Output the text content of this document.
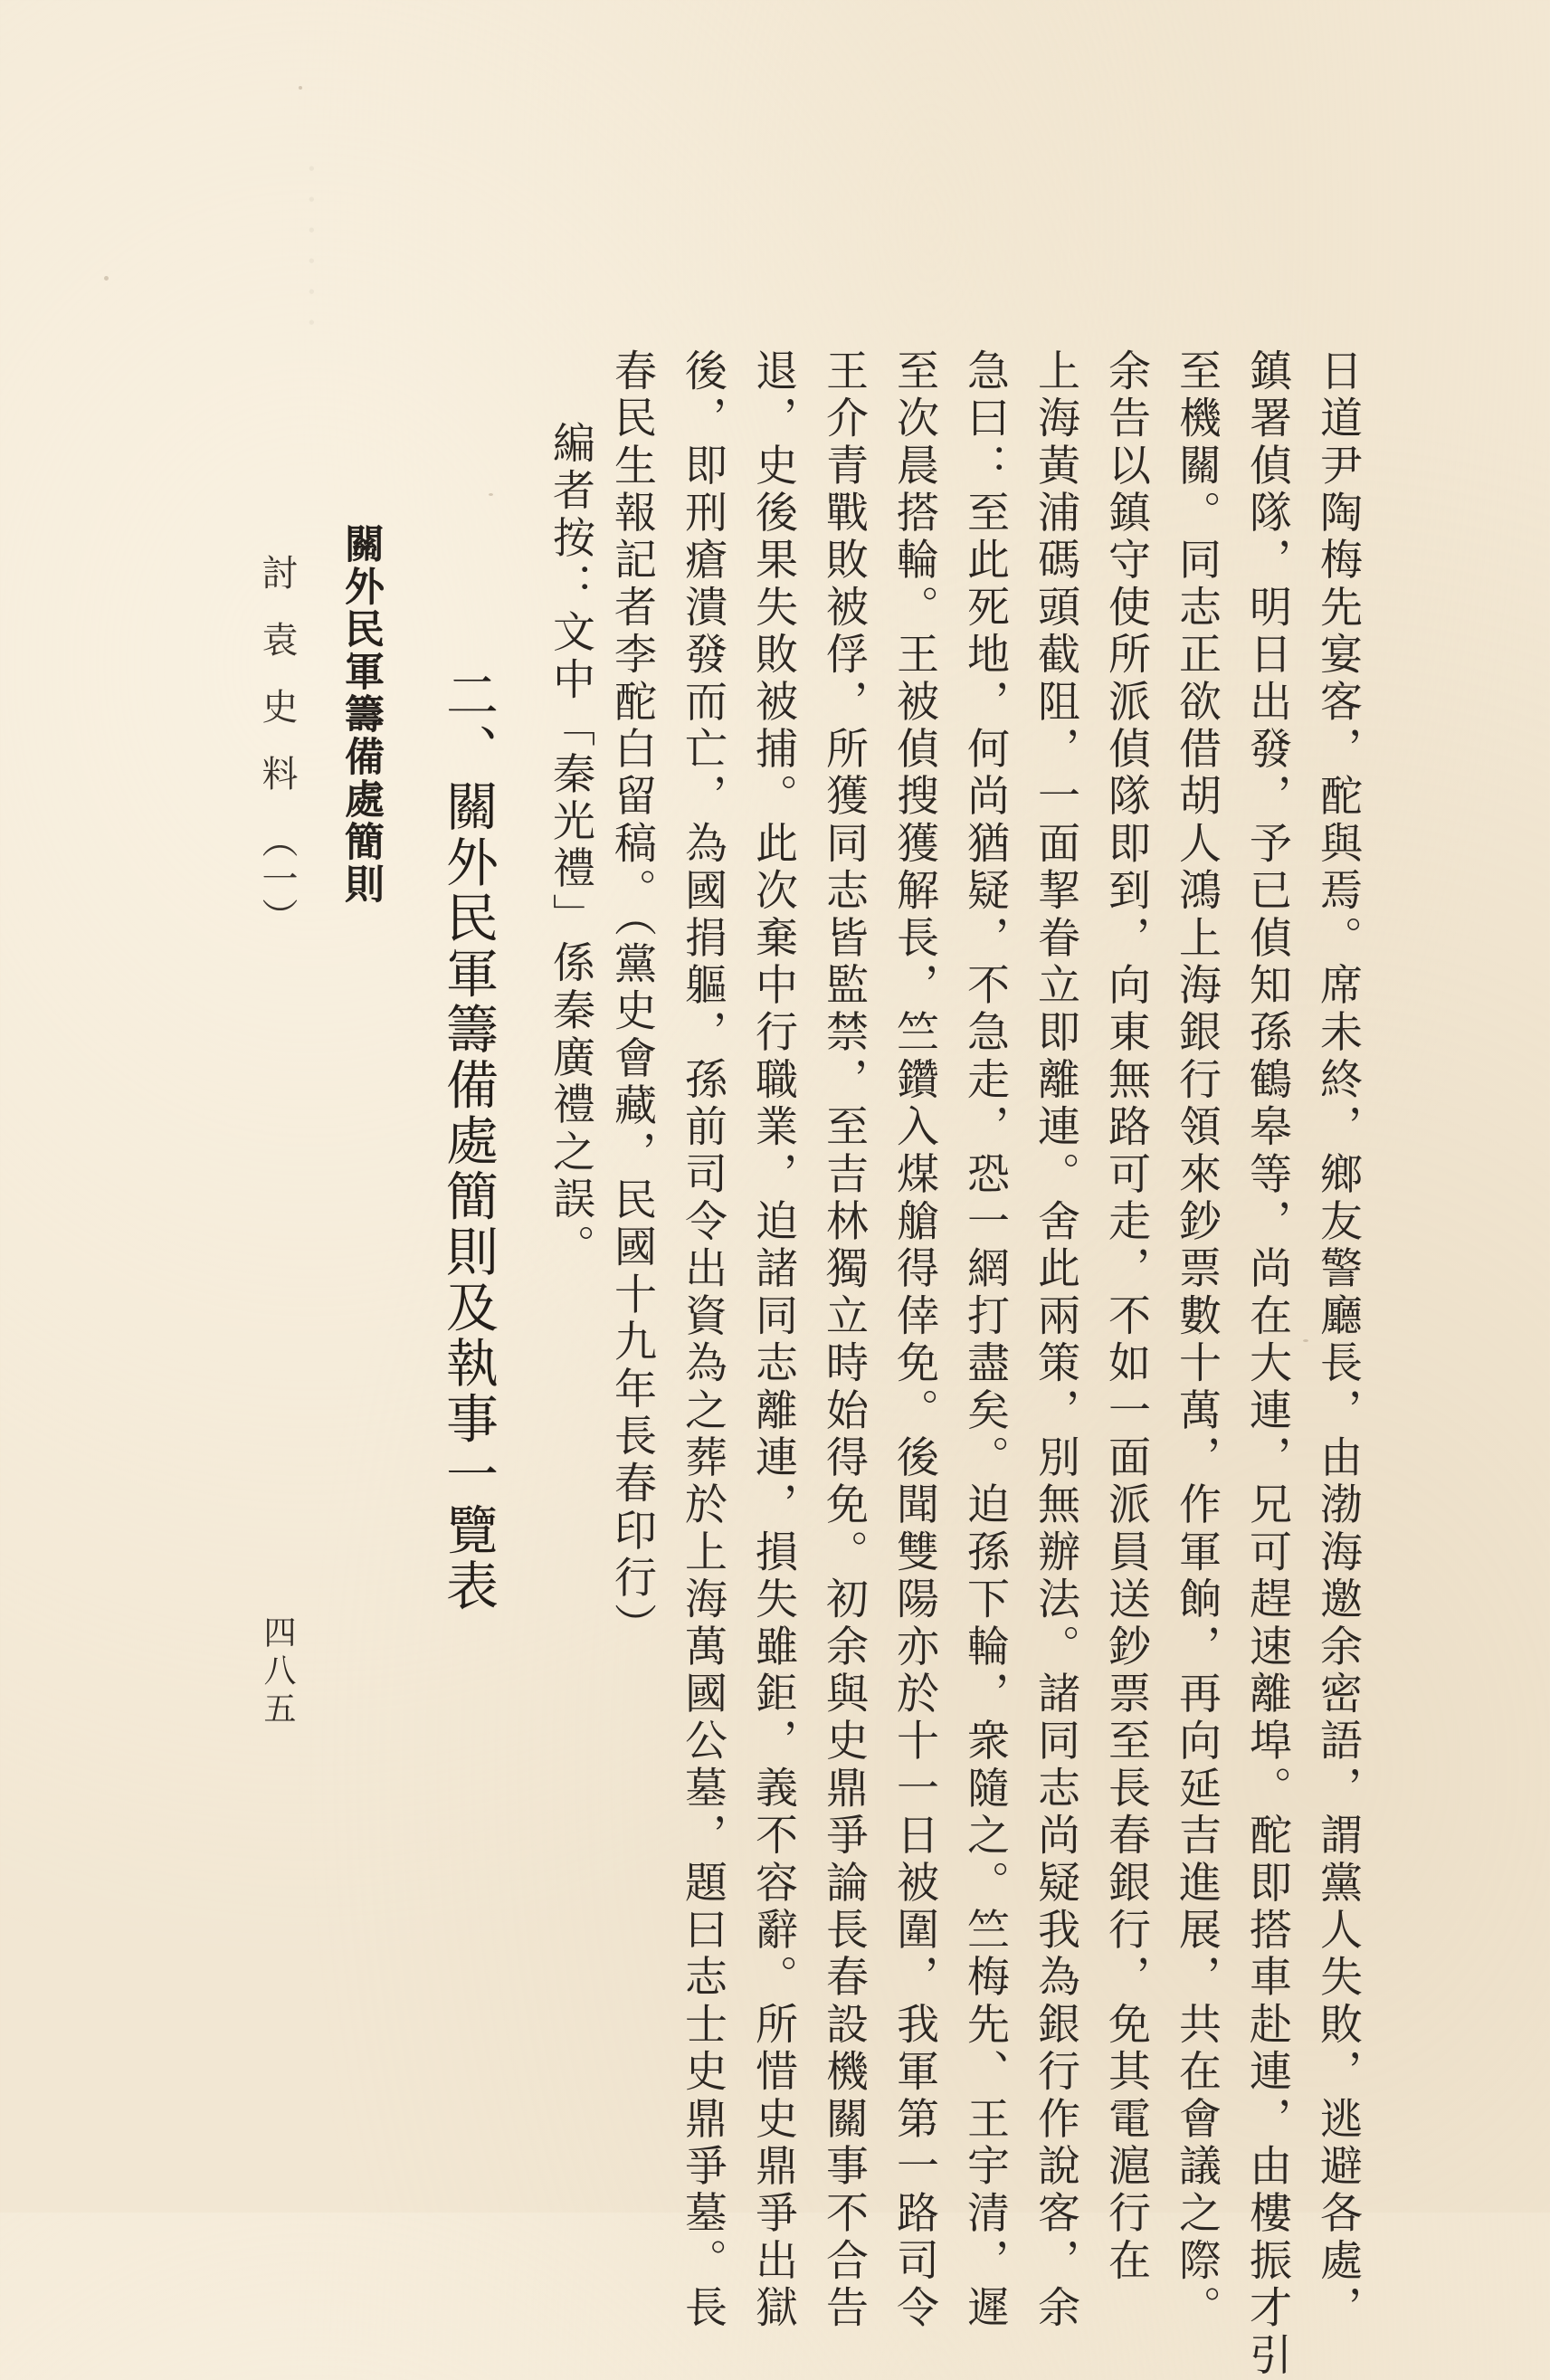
．．．．．．
日道尹陶梅先宴客，酡與焉。席未終，鄉友警廳長，由渤海邀余密語，謂黨人失敗，逃避各處，
鎮署偵隊，明日出發，予已偵知孫鶴皋等，尚在大連，兄可趕速離埠。酡即搭車赴連，由樓振才引
至機關。同志正欲借胡人鴻上海銀行領來鈔票數十萬，作軍餉，再向延吉進展，共在會議之際。
余告以鎮守使所派偵隊即到，向東無路可走，不如一面派員送鈔票至長春銀行，免其電滬行在
上海黃浦碼頭截阻，一面挈眷立即離連。舍此兩策，別無辦法。諸同志尚疑我為銀行作說客，余
急曰：至此死地，何尚猶疑，不急走，恐一網打盡矣。迫孫下輪，衆隨之。竺梅先、王宇清，遲
至次晨搭輪。王被偵搜獲解長，竺鑽入煤艙得倖免。後聞雙陽亦於十一日被圍，我軍第一路司令
王介青戰敗被俘，所獲同志皆監禁，至吉林獨立時始得免。初余與史鼎爭論長春設機關事不合告
退，史後果失敗被捕。此次棄中行職業，迫諸同志離連，損失雖鉅，義不容辭。所惜史鼎爭出獄
後，即刑瘡潰發而亡，為國捐軀，孫前司令出資為之葬於上海萬國公墓，題曰志士史鼎爭墓。長
春民生報記者李酡白留稿。（黨史會藏，民國十九年長春印行）
編者按：文中「秦光禮」係秦廣禮之誤。
二、關外民軍籌備處簡則及執事一覽表
關外民軍籌備處簡則
討袁史料（一）
四八五
